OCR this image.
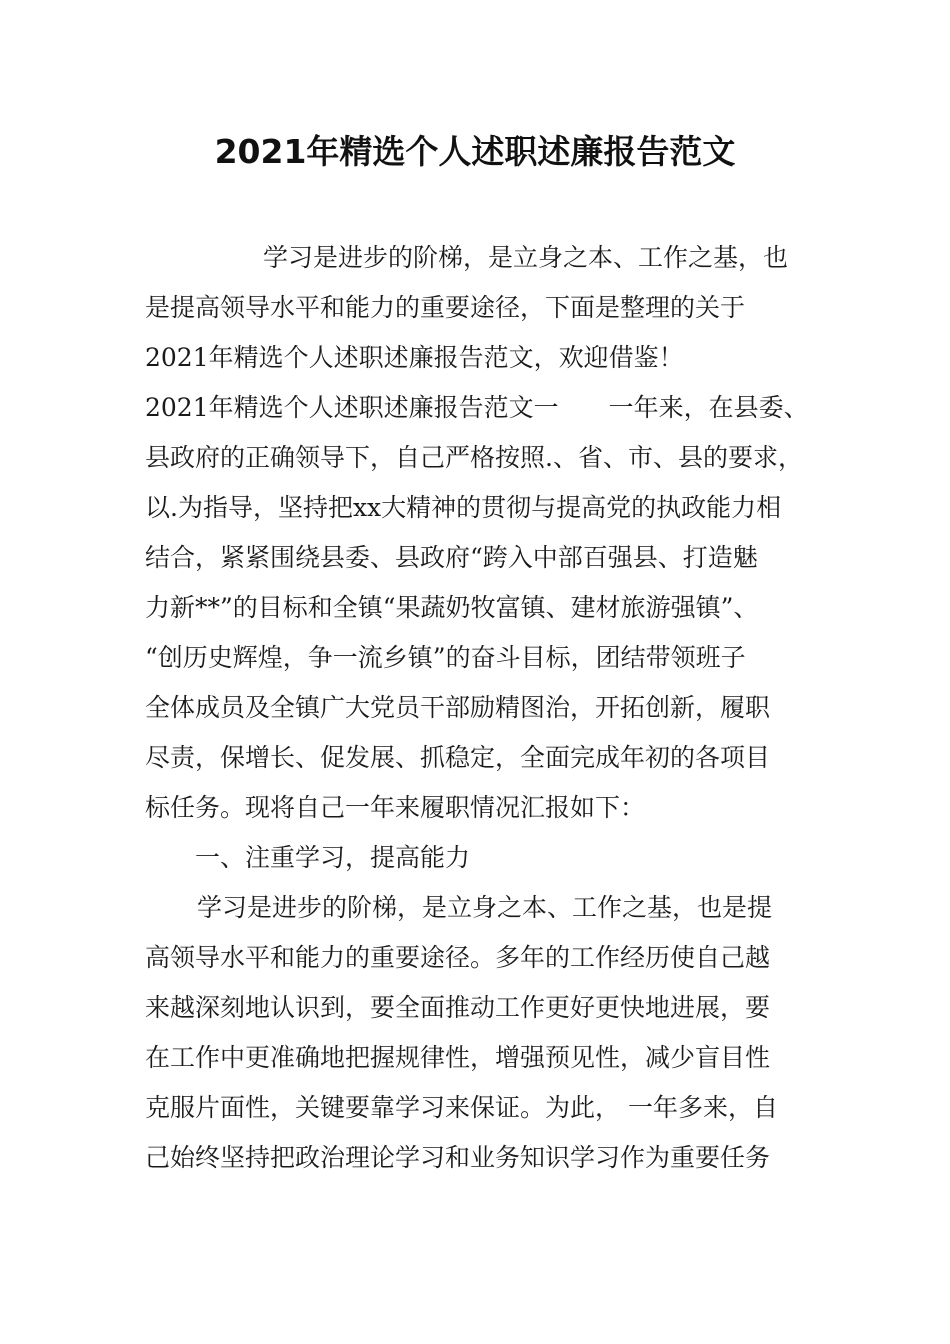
2021年精选个人述职述廉报告范文
学习是进步的阶梯，是立身之本、工作之基，也
是提高领导水平和能力的重要途径，下面是整理的关于
2021年精选个人述职述廉报告范文，欢迎借鉴！
2021年精选个人述职述廉报告范文一　　一年来，在县委、
县政府的正确领导下，自己严格按照.、省、市、县的要求，
以.为指导，坚持把xx大精神的贯彻与提高党的执政能力相
结合，紧紧围绕县委、县政府“跨入中部百强县、打造魅
力新**”的目标和全镇“果蔬奶牧富镇、建材旅游强镇”、
“创历史辉煌，争一流乡镇”的奋斗目标，团结带领班子
全体成员及全镇广大党员干部励精图治，开拓创新，履职
尽责，保增长、促发展、抓稳定，全面完成年初的各项目
标任务。现将自己一年来履职情况汇报如下：
一、注重学习，提高能力
学习是进步的阶梯，是立身之本、工作之基，也是提
高领导水平和能力的重要途径。多年的工作经历使自己越
来越深刻地认识到，要全面推动工作更好更快地进展，要
在工作中更准确地把握规律性，增强预见性，减少盲目性
克服片面性，关键要靠学习来保证。为此， 一年多来，自
己始终坚持把政治理论学习和业务知识学习作为重要任务
